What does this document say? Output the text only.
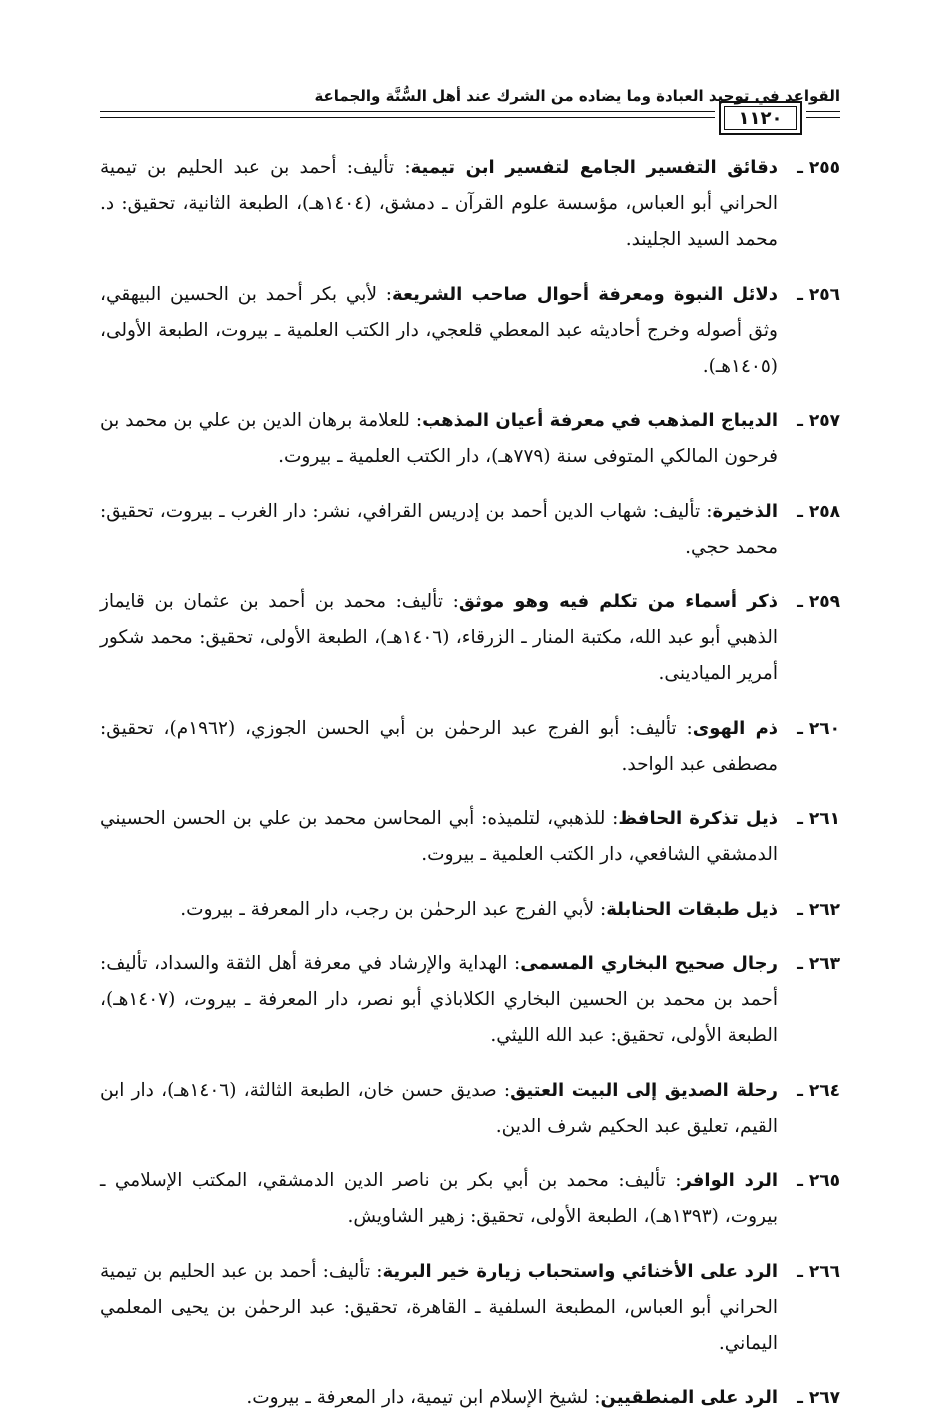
القواعد في توحيد العبادة وما يضاده من الشرك عند أهل السُّنَّة والجماعة
١١٢٠

٢٥٥ ـدقائق التفسير الجامع لتفسير ابن تيمية: تأليف: أحمد بن عبد الحليم بن تيمية الحراني أبو العباس، مؤسسة علوم القرآن ـ دمشق، (١٤٠٤هـ)، الطبعة الثانية، تحقيق: د. محمد السيد الجليند.

٢٥٦ ـدلائل النبوة ومعرفة أحوال صاحب الشريعة: لأبي بكر أحمد بن الحسين البيهقي، وثق أصوله وخرج أحاديثه عبد المعطي قلعجي، دار الكتب العلمية ـ بيروت، الطبعة الأولى، (١٤٠٥هـ).

٢٥٧ ـالديباج المذهب في معرفة أعيان المذهب: للعلامة برهان الدين بن علي بن محمد بن فرحون المالكي المتوفى سنة (٧٧٩هـ)، دار الكتب العلمية ـ بيروت.

٢٥٨ ـالذخيرة: تأليف: شهاب الدين أحمد بن إدريس القرافي، نشر: دار الغرب ـ بيروت، تحقيق: محمد حجي.

٢٥٩ ـذكر أسماء من تكلم فيه وهو موثق: تأليف: محمد بن أحمد بن عثمان بن قايماز الذهبي أبو عبد الله، مكتبة المنار ـ الزرقاء، (١٤٠٦هـ)، الطبعة الأولى، تحقيق: محمد شكور أمرير الميادينى.

٢٦٠ ـذم الهوى: تأليف: أبو الفرج عبد الرحمٰن بن أبي الحسن الجوزي، (١٩٦٢م)، تحقيق: مصطفى عبد الواحد.

٢٦١ ـذيل تذكرة الحافظ: للذهبي، لتلميذه: أبي المحاسن محمد بن علي بن الحسن الحسيني الدمشقي الشافعي، دار الكتب العلمية ـ بيروت.

٢٦٢ ـذيل طبقات الحنابلة: لأبي الفرج عبد الرحمٰن بن رجب، دار المعرفة ـ بيروت.

٢٦٣ ـرجال صحيح البخاري المسمى: الهداية والإرشاد في معرفة أهل الثقة والسداد، تأليف: أحمد بن محمد بن الحسين البخاري الكلاباذي أبو نصر، دار المعرفة ـ بيروت، (١٤٠٧هـ)، الطبعة الأولى، تحقيق: عبد الله الليثي.

٢٦٤ ـرحلة الصديق إلى البيت العتيق: صديق حسن خان، الطبعة الثالثة، (١٤٠٦هـ)، دار ابن القيم، تعليق عبد الحكيم شرف الدين.

٢٦٥ ـالرد الوافر: تأليف: محمد بن أبي بكر بن ناصر الدين الدمشقي، المكتب الإسلامي ـ بيروت، (١٣٩٣هـ)، الطبعة الأولى، تحقيق: زهير الشاويش.

٢٦٦ ـالرد على الأخنائي واستحباب زيارة خير البرية: تأليف: أحمد بن عبد الحليم بن تيمية الحراني أبو العباس، المطبعة السلفية ـ القاهرة، تحقيق: عبد الرحمٰن بن يحيى المعلمي اليماني.

٢٦٧ ـالرد على المنطقيين: لشيخ الإسلام ابن تيمية، دار المعرفة ـ بيروت.
